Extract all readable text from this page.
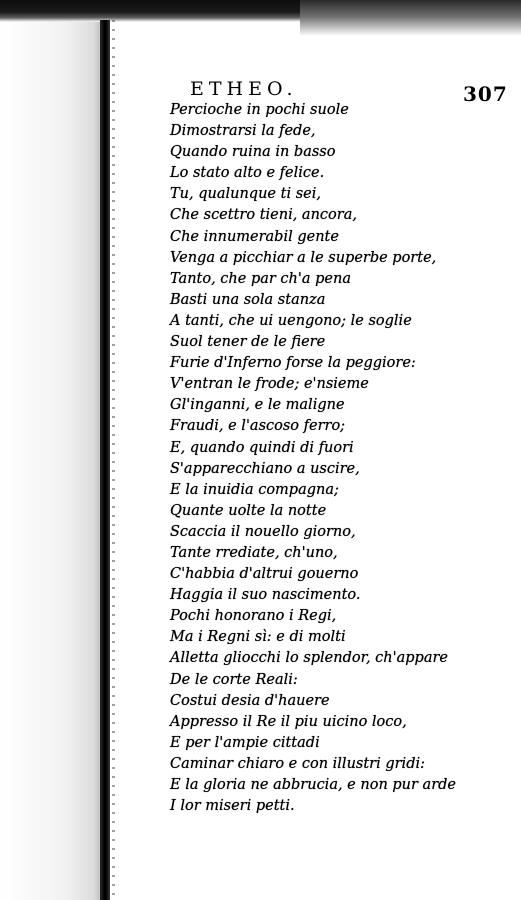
ETHEO.	307
Percioche in pochi suole
Dimostrarsi la fede,
Quando ruina in basso
Lo stato alto e felice.
Tu, qualunque ti sei,
Che scettro tieni, ancora,
Che innumerabil gente
Venga a picchiar a le superbe porte,
Tanto, che par ch'a pena
Basti una sola stanza
A tanti, che ui uengono; le soglie
Suol tener de le fiere
Furie d'Inferno forse la peggiore:
V'entran le frode; e'nsieme
Gl'inganni, e le maligne
Fraudi, e l'ascoso ferro;
E, quando quindi di fuori
S'apparecchiano a uscire,
E la inuidia compagna;
Quante uolte la notte
Scaccia il nouello giorno,
Tante rrediate, ch'uno,
C'habbia d'altrui gouerno
Haggia il suo nascimento.
Pochi honorano i Regi,
Ma i Regni sì: e di molti
Alletta gliocchi lo splendor, ch'appare
De le corte Reali:
Costui desia d'hauere
Appresso il Re il piu uicino loco,
E per l'ampie cittadi
Caminar chiaro e con illustri gridi:
E la gloria ne abbrucia, e non pur arde
I lor miseri petti.
